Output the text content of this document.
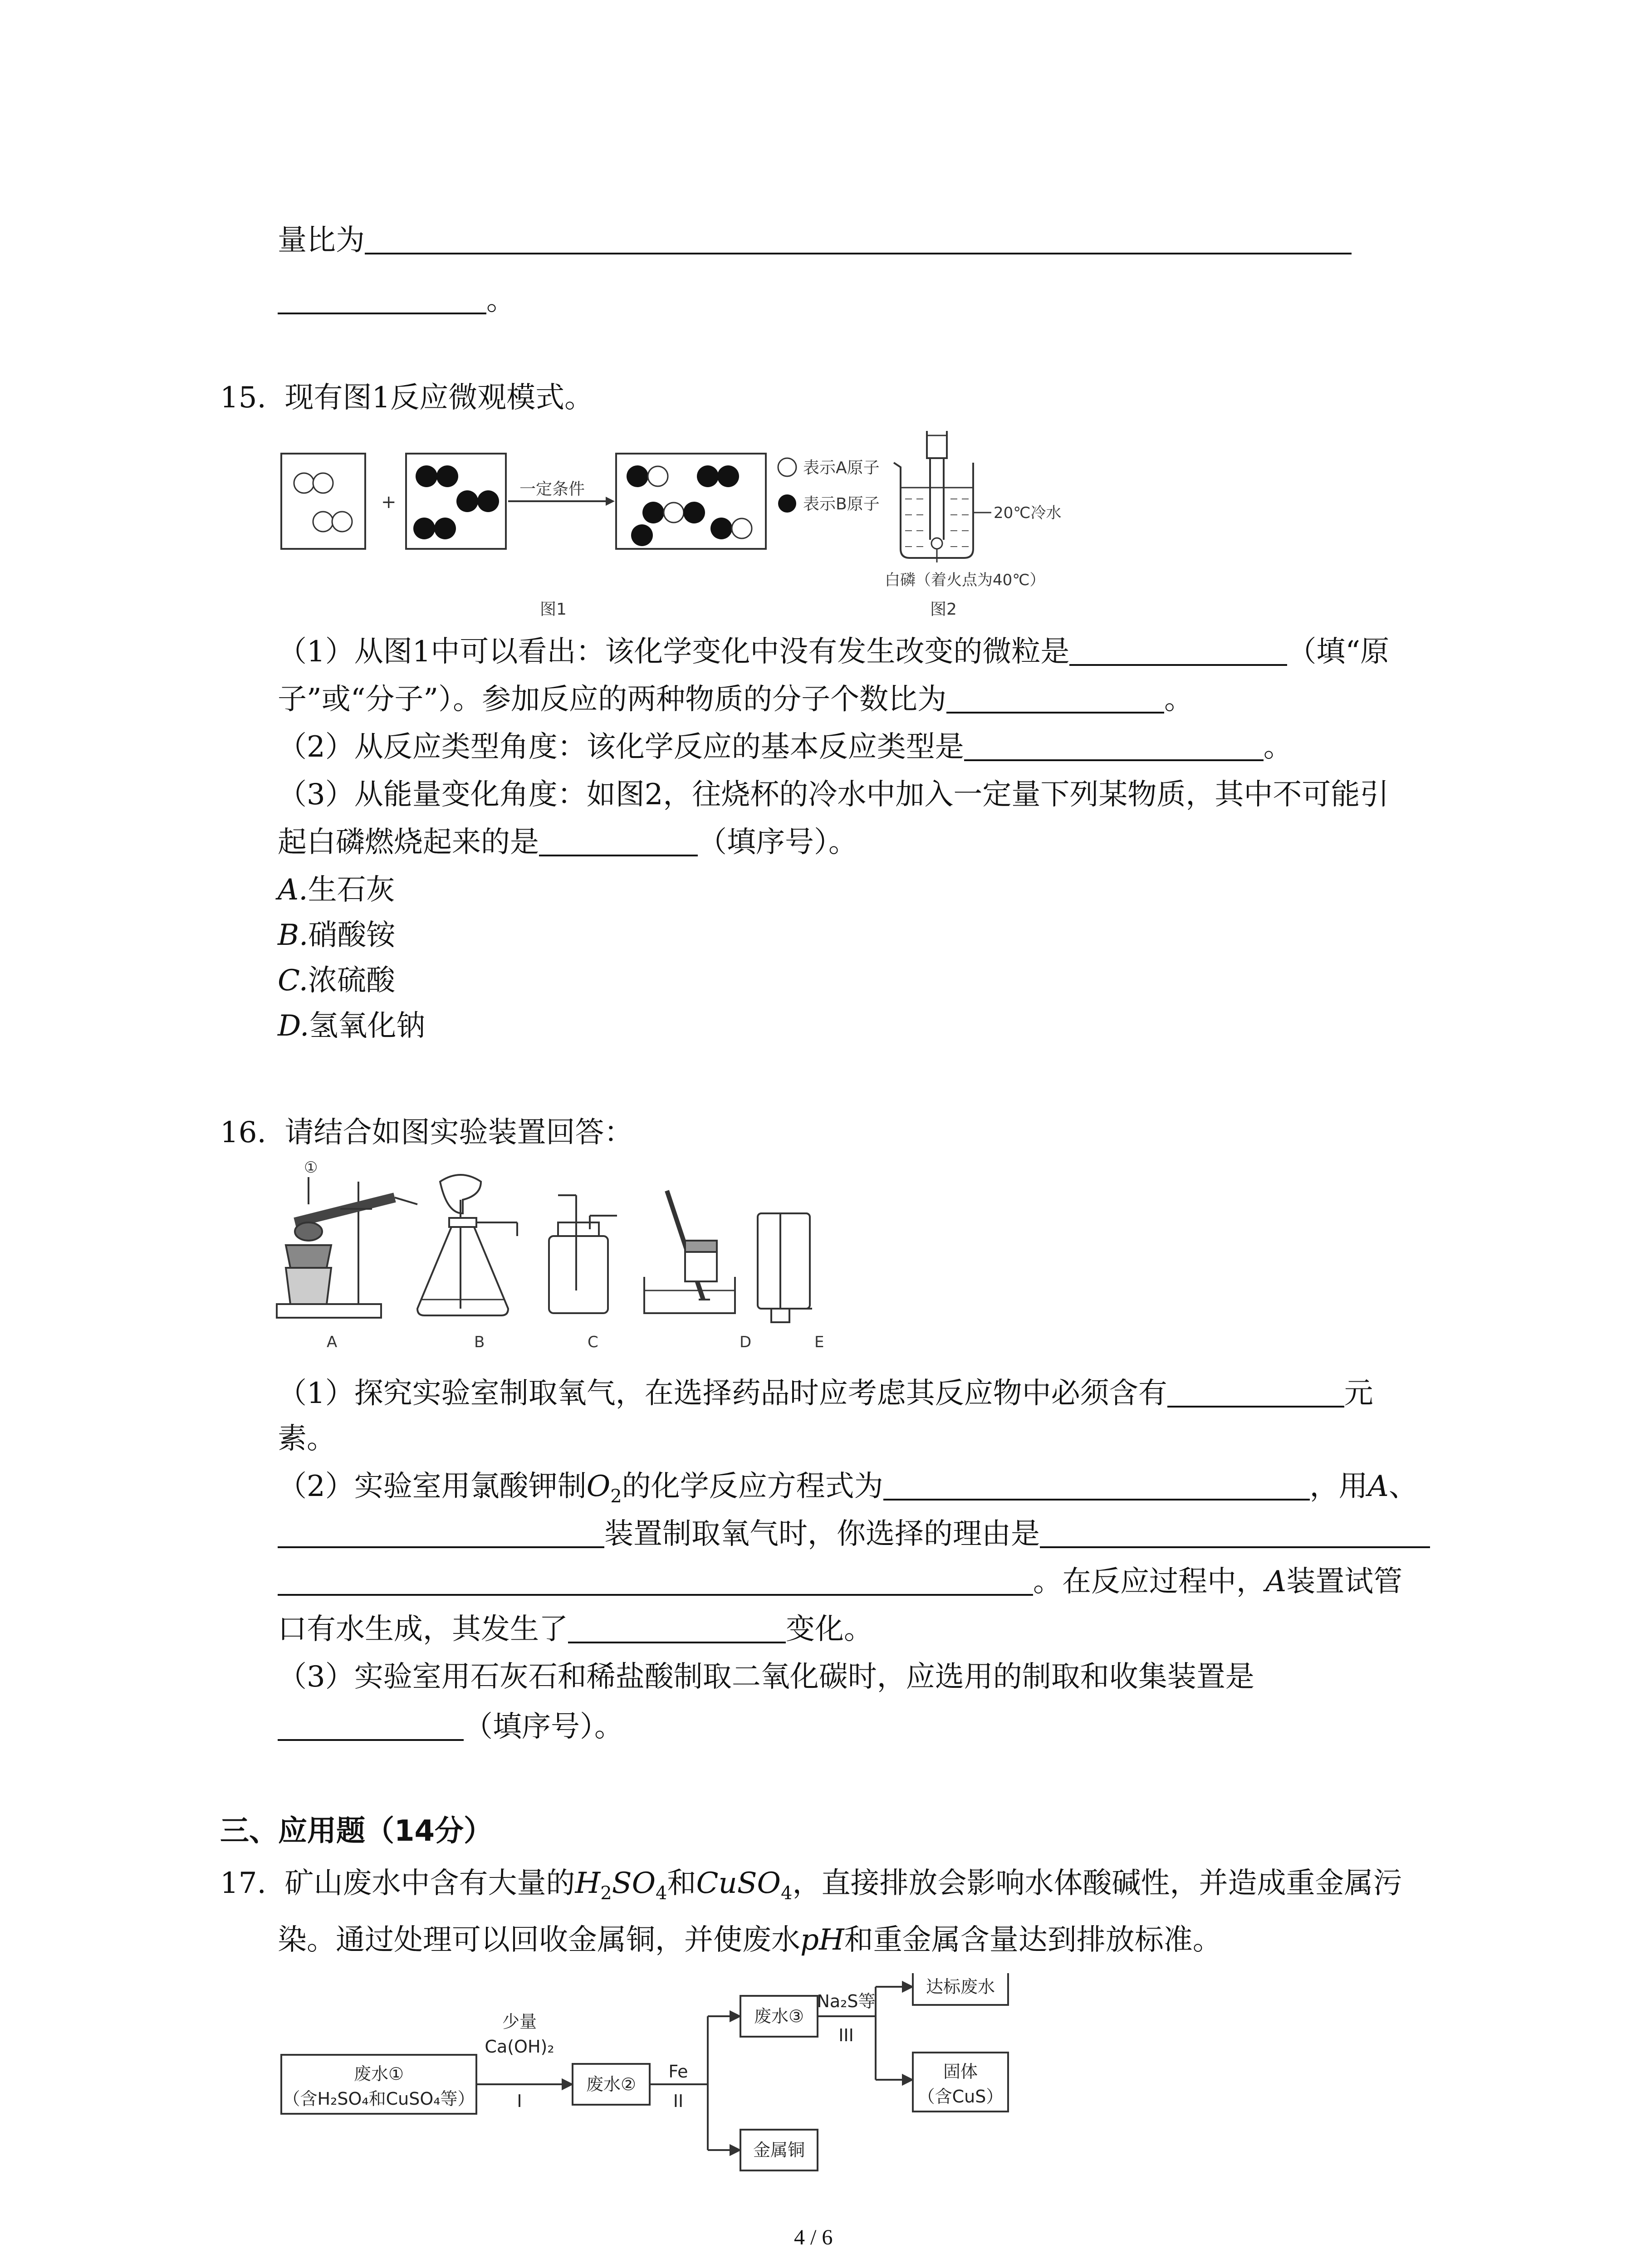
量比为
。
15. 现有图1反应微观模式。
+
一定条件
表示A原子
表示B原子
图1
20℃冷水
白磷（着火点为40℃）
图2
（1）从图1中可以看出：该化学变化中没有发生改变的微粒是	（填“原
子”或“分子”）。参加反应的两种物质的分子个数比为	。
（2）从反应类型角度：该化学反应的基本反应类型是	。
（3）从能量变化角度：如图2，往烧杯的冷水中加入一定量下列某物质，其中不可能引
起白磷燃烧起来的是	（填序号）。
A.生石灰
B.硝酸铵
C.浓硫酸
D.氢氧化钠
16. 请结合如图实验装置回答：
①
A	B	C	D	E
（1）探究实验室制取氧气，在选择药品时应考虑其反应物中必须含有	元
素。
（2）实验室用氯酸钾制$O_2$的化学反应方程式为	，用A、
装置制取氧气时，你选择的理由是
。在反应过程中，A装置试管
口有水生成，其发生了	变化。
（3）实验室用石灰石和稀盐酸制取二氧化碳时，应选用的制取和收集装置是
（填序号）。
三、应用题（14分）
17. 矿山废水中含有大量的$H_2SO_4$和CuSO$_4$，直接排放会影响水体酸碱性，并造成重金属污
染。通过处理可以回收金属铜，并使废水pH和重金属含量达到排放标准。
废水①
（含H₂SO₄和CuSO₄等）
少量
Ca(OH)₂
I
废水②
Fe
II
废水③
金属铜
Na₂S等
III
达标废水
固体
（含CuS）
4 / 6
